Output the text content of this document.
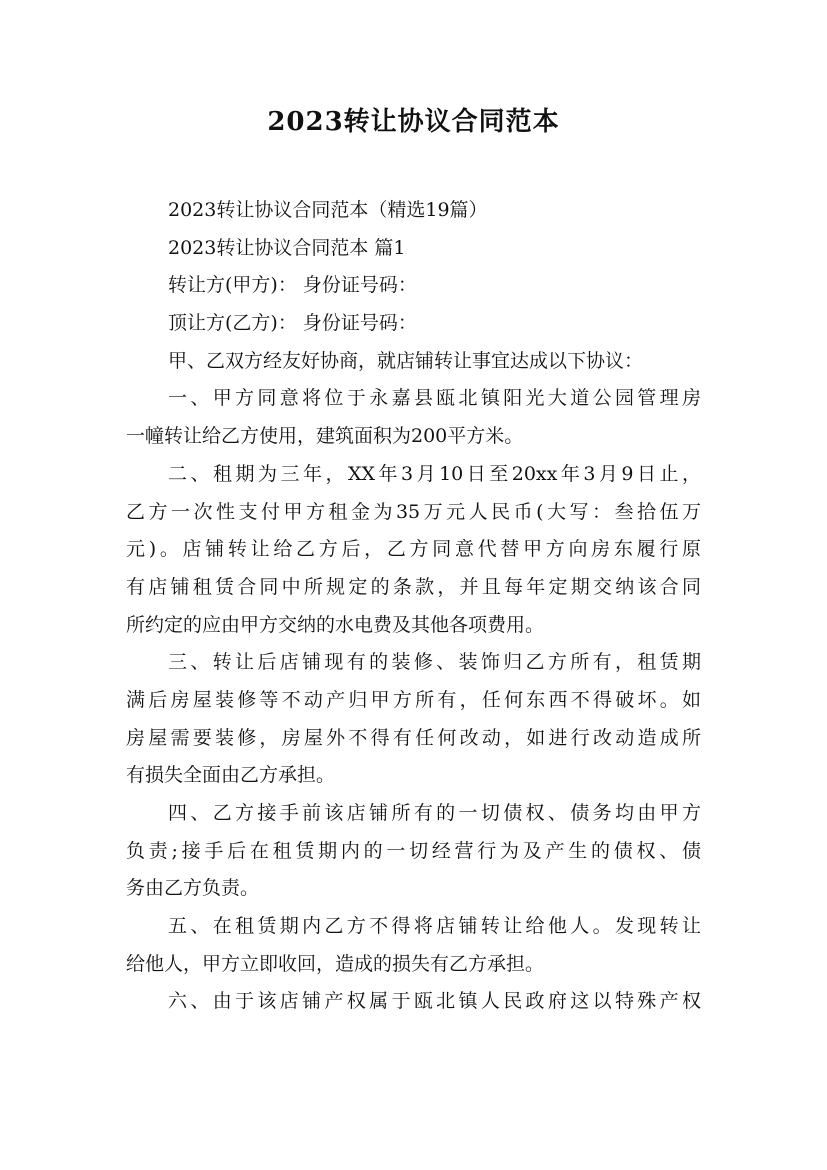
2023转让协议合同范本
2023转让协议合同范本（精选19篇）
2023转让协议合同范本 篇1
转让方(甲方)： 身份证号码：
顶让方(乙方)： 身份证号码：
甲、乙双方经友好协商，就店铺转让事宜达成以下协议：
一、甲方同意将位于永嘉县瓯北镇阳光大道公园管理房
一幢转让给乙方使用，建筑面积为200平方米。
二、租期为三年，XX年3月10日至20xx年3月9日止，
乙方一次性支付甲方租金为35万元人民币(大写：叁拾伍万
元)。店铺转让给乙方后，乙方同意代替甲方向房东履行原
有店铺租赁合同中所规定的条款，并且每年定期交纳该合同
所约定的应由甲方交纳的水电费及其他各项费用。
三、转让后店铺现有的装修、装饰归乙方所有，租赁期
满后房屋装修等不动产归甲方所有，任何东西不得破坏。如
房屋需要装修，房屋外不得有任何改动，如进行改动造成所
有损失全面由乙方承担。
四、乙方接手前该店铺所有的一切债权、债务均由甲方
负责;接手后在租赁期内的一切经营行为及产生的债权、债
务由乙方负责。
五、在租赁期内乙方不得将店铺转让给他人。发现转让
给他人，甲方立即收回，造成的损失有乙方承担。
六、由于该店铺产权属于瓯北镇人民政府这以特殊产权
